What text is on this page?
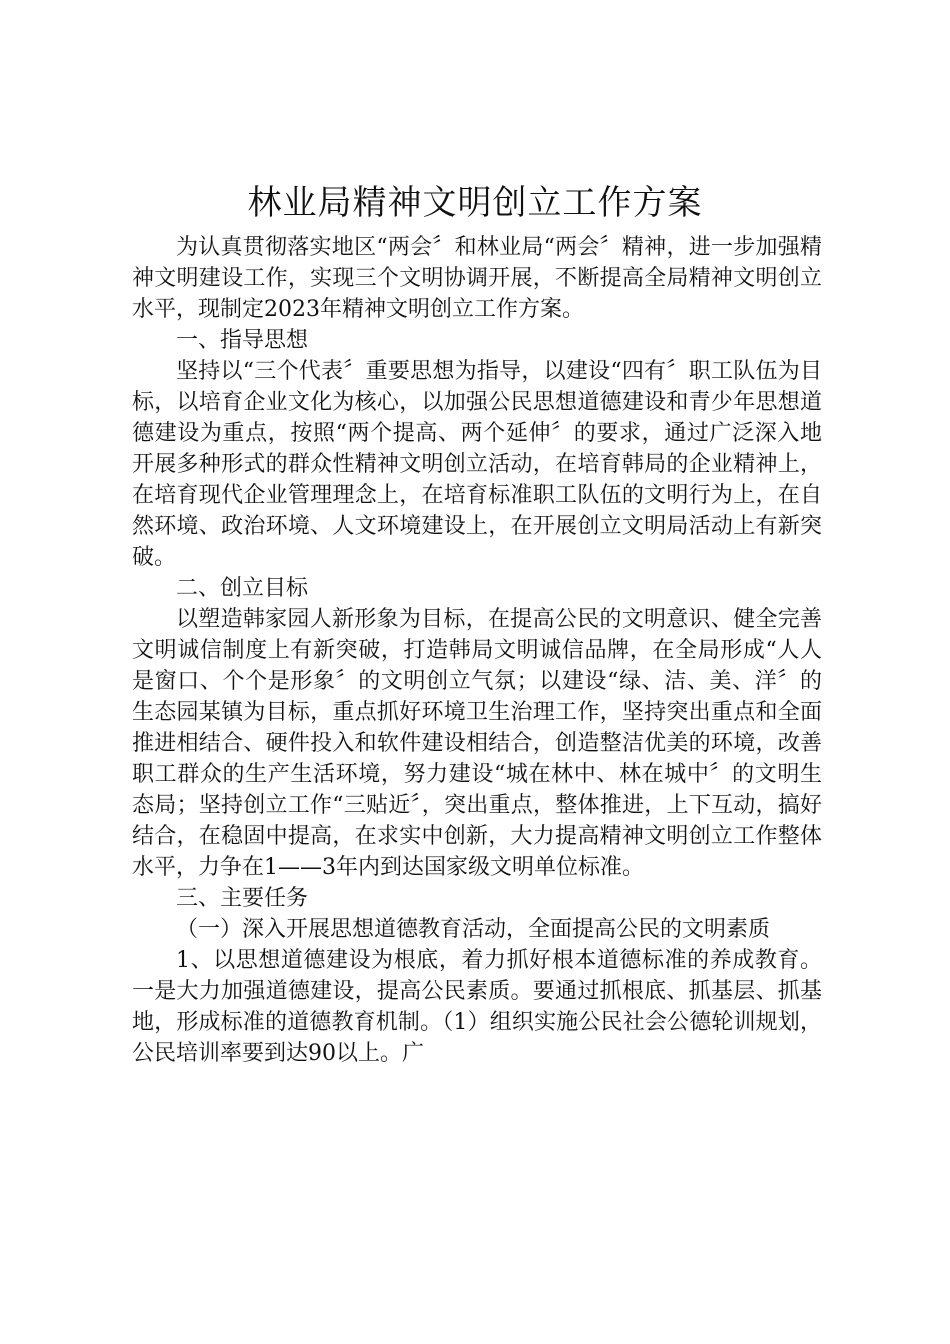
林业局精神文明创立工作方案

为认真贯彻落实地区“两会〞和林业局“两会〞精神，进一步加强精神文明建设工作，实现三个文明协调开展，不断提高全局精神文明创立水平，现制定2023年精神文明创立工作方案。

一、指导思想

坚持以“三个代表〞重要思想为指导，以建设“四有〞职工队伍为目标，以培育企业文化为核心，以加强公民思想道德建设和青少年思想道德建设为重点，按照“两个提高、两个延伸〞的要求，通过广泛深入地开展多种形式的群众性精神文明创立活动，在培育韩局的企业精神上，在培育现代企业管理理念上，在培育标准职工队伍的文明行为上，在自然环境、政治环境、人文环境建设上，在开展创立文明局活动上有新突破。

二、创立目标

以塑造韩家园人新形象为目标，在提高公民的文明意识、健全完善文明诚信制度上有新突破，打造韩局文明诚信品牌，在全局形成“人人是窗口、个个是形象〞的文明创立气氛；以建设“绿、洁、美、洋〞的生态园某镇为目标，重点抓好环境卫生治理工作，坚持突出重点和全面推进相结合、硬件投入和软件建设相结合，创造整洁优美的环境，改善职工群众的生产生活环境，努力建设“城在林中、林在城中〞的文明生态局；坚持创立工作“三贴近〞，突出重点，整体推进，上下互动，搞好结合，在稳固中提高，在求实中创新，大力提高精神文明创立工作整体水平，力争在1——3年内到达国家级文明单位标准。

三、主要任务

（一）深入开展思想道德教育活动，全面提高公民的文明素质

1、以思想道德建设为根底，着力抓好根本道德标准的养成教育。一是大力加强道德建设，提高公民素质。要通过抓根底、抓基层、抓基地，形成标准的道德教育机制。（1）组织实施公民社会公德轮训规划，公民培训率要到达90以上。广
